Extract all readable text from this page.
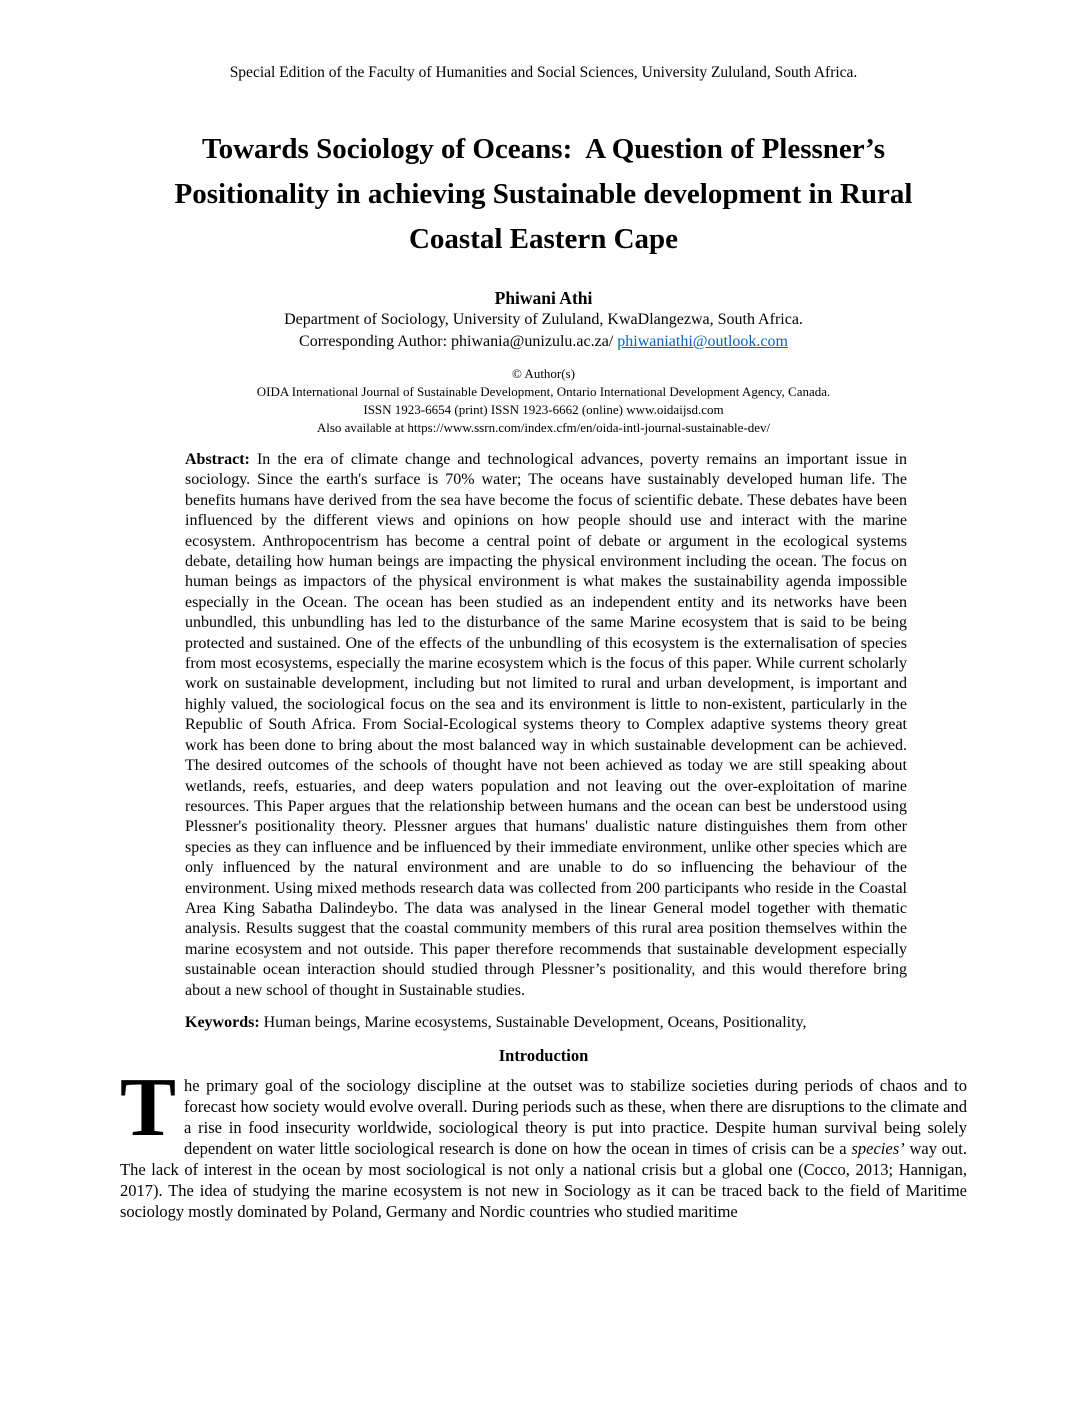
Special Edition of the Faculty of Humanities and Social Sciences, University Zululand, South Africa.
Towards Sociology of Oceans:  A Question of Plessner’s
Positionality in achieving Sustainable development in Rural
Coastal Eastern Cape
Phiwani Athi
Department of Sociology, University of Zululand, KwaDlangezwa, South Africa.
Corresponding Author: phiwania@unizulu.ac.za/ phiwaniathi@outlook.com
© Author(s)
OIDA International Journal of Sustainable Development, Ontario International Development Agency, Canada.
ISSN 1923-6654 (print) ISSN 1923-6662 (online) www.oidaijsd.com
Also available at https://www.ssrn.com/index.cfm/en/oida-intl-journal-sustainable-dev/

Abstract: In the era of climate change and technological advances, poverty remains an important issue in sociology. Since the earth's surface is 70% water; The oceans have sustainably developed human life. The benefits humans have derived from the sea have become the focus of scientific debate. These debates have been influenced by the different views and opinions on how people should use and interact with the marine ecosystem. Anthropocentrism has become a central point of debate or argument in the ecological systems debate, detailing how human beings are impacting the physical environment including the ocean. The focus on human beings as impactors of the physical environment is what makes the sustainability agenda impossible especially in the Ocean. The ocean has been studied as an independent entity and its networks have been unbundled, this unbundling has led to the disturbance of the same Marine ecosystem that is said to be being protected and sustained. One of the effects of the unbundling of this ecosystem is the externalisation of species from most ecosystems, especially the marine ecosystem which is the focus of this paper. While current scholarly work on sustainable development, including but not limited to rural and urban development, is important and highly valued, the sociological focus on the sea and its environment is little to non-existent, particularly in the Republic of South Africa. From Social-Ecological systems theory to Complex adaptive systems theory great work has been done to bring about the most balanced way in which sustainable development can be achieved. The desired outcomes of the schools of thought have not been achieved as today we are still speaking about wetlands, reefs, estuaries, and deep waters population and not leaving out the over-exploitation of marine resources. This Paper argues that the relationship between humans and the ocean can best be understood using Plessner's positionality theory. Plessner argues that humans' dualistic nature distinguishes them from other species as they can influence and be influenced by their immediate environment, unlike other species which are only influenced by the natural environment and are unable to do so influencing the behaviour of the environment. Using mixed methods research data was collected from 200 participants who reside in the Coastal Area King Sabatha Dalindeybo. The data was analysed in the linear General model together with thematic analysis. Results suggest that the coastal community members of this rural area position themselves within the marine ecosystem and not outside. This paper therefore recommends that sustainable development especially sustainable ocean interaction should studied through Plessner’s positionality, and this would therefore bring about a new school of thought in Sustainable studies.

Keywords: Human beings, Marine ecosystems, Sustainable Development, Oceans, Positionality,

Introduction

T he primary goal of the sociology discipline at the outset was to stabilize societies during periods of chaos and to forecast how society would evolve overall. During periods such as these, when there are disruptions to the climate and a rise in food insecurity worldwide, sociological theory is put into practice. Despite human survival being solely dependent on water little sociological research is done on how the ocean in times of crisis can be a species’ way out. The lack of interest in the ocean by most sociological is not only a national crisis but a global one (Cocco, 2013; Hannigan, 2017). The idea of studying the marine ecosystem is not new in Sociology as it can be traced back to the field of Maritime sociology mostly dominated by Poland, Germany and Nordic countries who studied maritime
